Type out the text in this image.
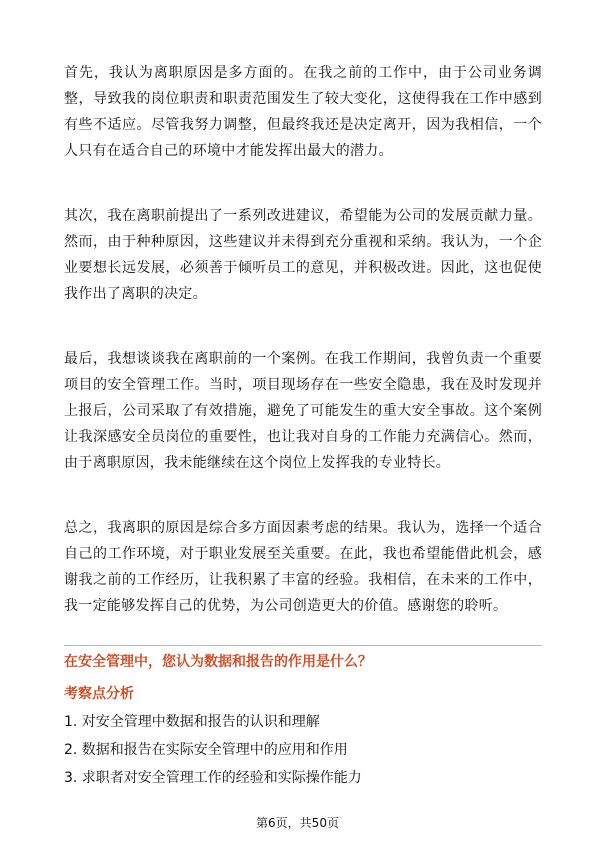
首先，我认为离职原因是多方面的。在我之前的工作中，由于公司业务调整，导致我的岗位职责和职责范围发生了较大变化，这使得我在工作中感到有些不适应。尽管我努力调整，但最终我还是决定离开，因为我相信，一个人只有在适合自己的环境中才能发挥出最大的潜力。

其次，我在离职前提出了一系列改进建议，希望能为公司的发展贡献力量。然而，由于种种原因，这些建议并未得到充分重视和采纳。我认为，一个企业要想长远发展，必须善于倾听员工的意见，并积极改进。因此，这也促使我作出了离职的决定。

最后，我想谈谈我在离职前的一个案例。在我工作期间，我曾负责一个重要项目的安全管理工作。当时，项目现场存在一些安全隐患，我在及时发现并上报后，公司采取了有效措施，避免了可能发生的重大安全事故。这个案例让我深感安全员岗位的重要性，也让我对自身的工作能力充满信心。然而，由于离职原因，我未能继续在这个岗位上发挥我的专业特长。

总之，我离职的原因是综合多方面因素考虑的结果。我认为，选择一个适合自己的工作环境，对于职业发展至关重要。在此，我也希望能借此机会，感谢我之前的工作经历，让我积累了丰富的经验。我相信，在未来的工作中，我一定能够发挥自己的优势，为公司创造更大的价值。感谢您的聆听。

在安全管理中，您认为数据和报告的作用是什么？
考察点分析
1. 对安全管理中数据和报告的认识和理解
2. 数据和报告在实际安全管理中的应用和作用
3. 求职者对安全管理工作的经验和实际操作能力
第6页，共50页
